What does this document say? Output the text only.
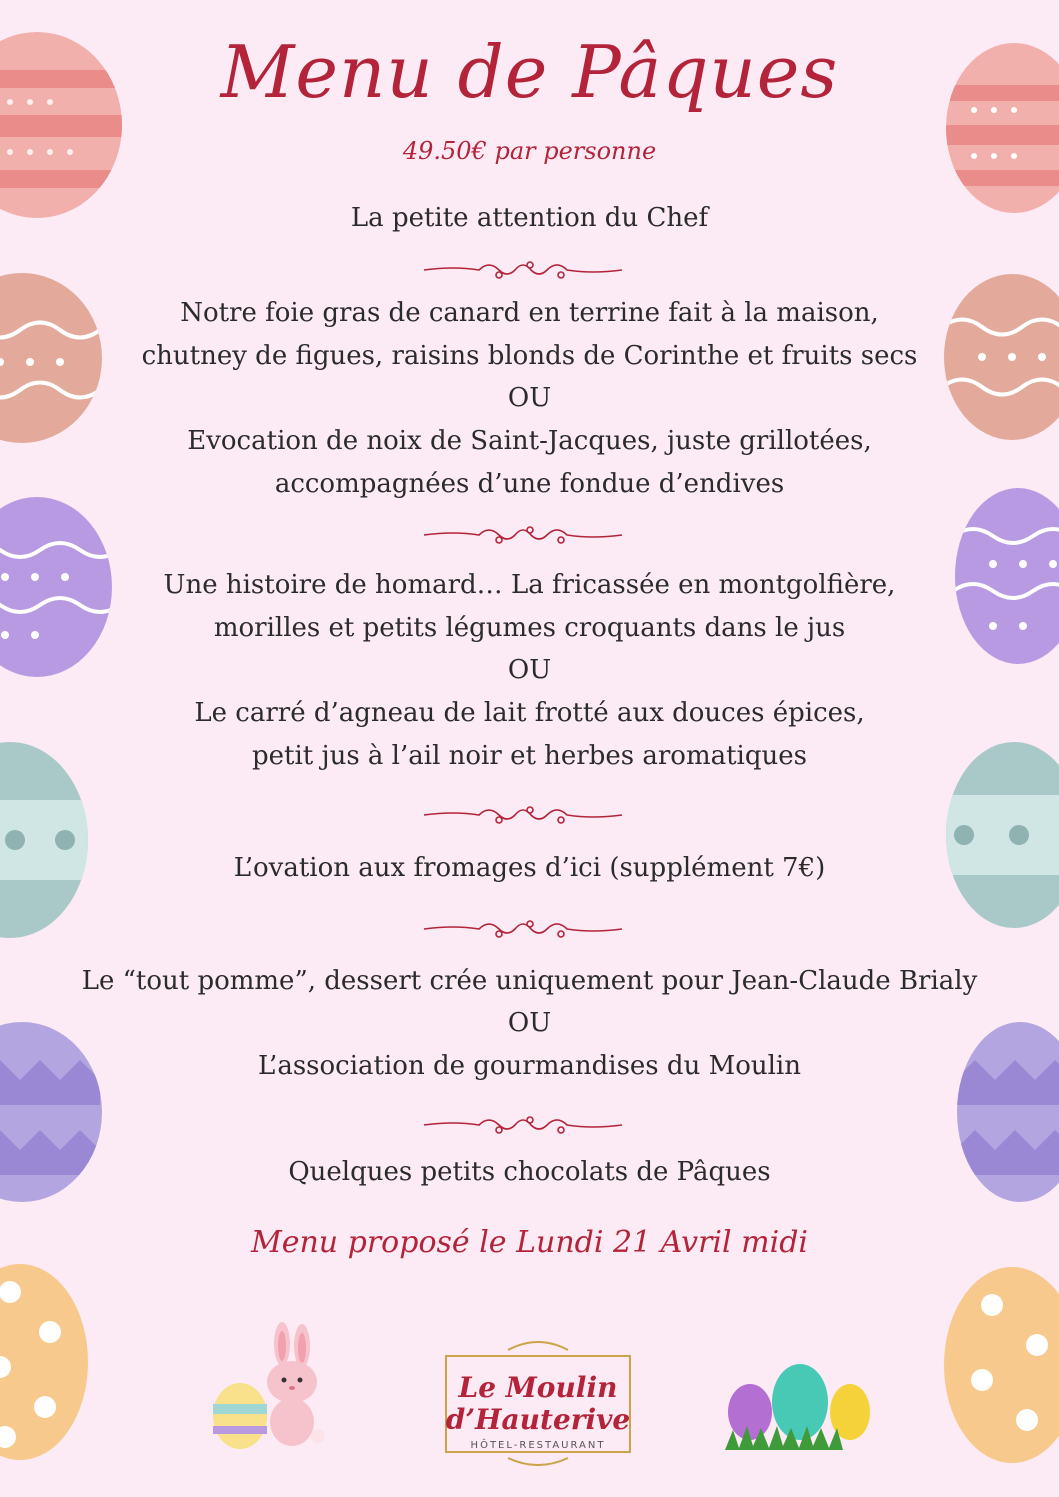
Menu de Pâques
49.50€ par personne
La petite attention du Chef
Notre foie gras de canard en terrine fait à la maison,
chutney de figues, raisins blonds de Corinthe et fruits secs
OU
Evocation de noix de Saint-Jacques, juste grillotées,
accompagnées d’une fondue d’endives
Une histoire de homard… La fricassée en montgolfière,
morilles et petits légumes croquants dans le jus
OU
Le carré d’agneau de lait frotté aux douces épices,
petit jus à l’ail noir et herbes aromatiques
L’ovation aux fromages d’ici (supplément 7€)
Le “tout pomme”, dessert crée uniquement pour Jean-Claude Brialy
OU
L’association de gourmandises du Moulin
Quelques petits chocolats de Pâques
Menu proposé le Lundi 21 Avril midi
Le Moulin
d’Hauterive
HÔTEL-RESTAURANT
